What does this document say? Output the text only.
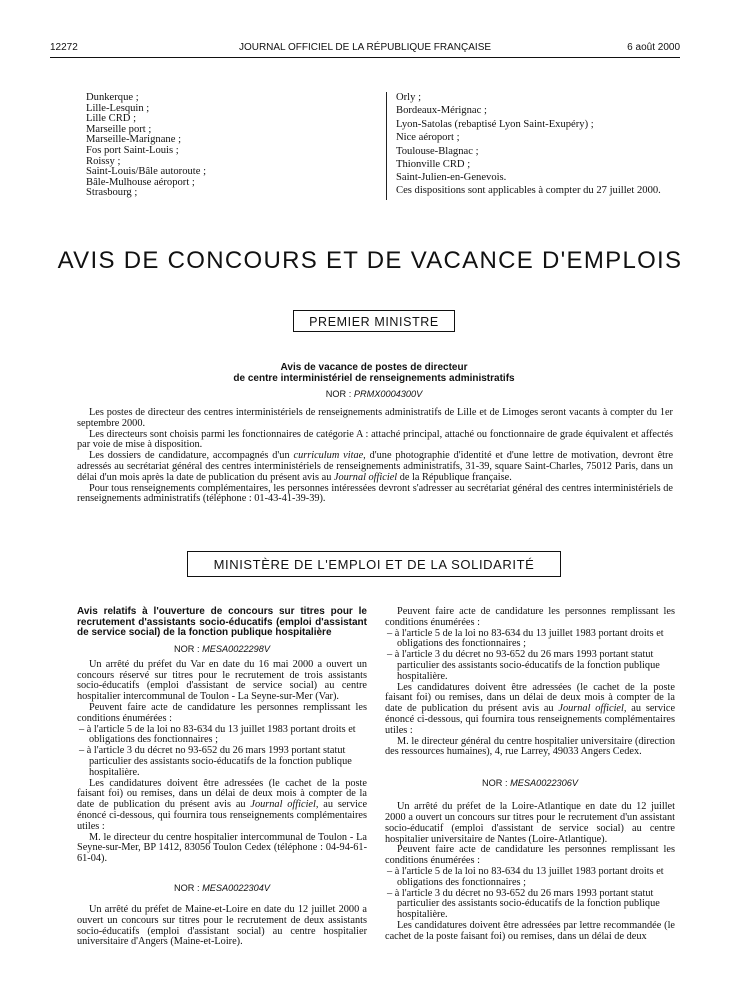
12272	JOURNAL OFFICIEL DE LA RÉPUBLIQUE FRANÇAISE	6 août 2000
Dunkerque ;
Lille-Lesquin ;
Lille CRD ;
Marseille port ;
Marseille-Marignane ;
Fos port Saint-Louis ;
Roissy ;
Saint-Louis/Bâle autoroute ;
Bâle-Mulhouse aéroport ;
Strasbourg ;
Orly ;
Bordeaux-Mérignac ;
Lyon-Satolas (rebaptisé Lyon Saint-Exupéry) ;
Nice aéroport ;
Toulouse-Blagnac ;
Thionville CRD ;
Saint-Julien-en-Genevois.
Ces dispositions sont applicables à compter du 27 juillet 2000.
AVIS DE CONCOURS ET DE VACANCE D'EMPLOIS
PREMIER MINISTRE
Avis de vacance de postes de directeur
de centre interministériel de renseignements administratifs
NOR : PRMX0004300V

Les postes de directeur des centres interministériels de renseignements administratifs de Lille et de Limoges seront vacants à compter du 1er septembre 2000.

Les directeurs sont choisis parmi les fonctionnaires de catégorie A : attaché principal, attaché ou fonctionnaire de grade équivalent et affectés par voie de mise à disposition.

Les dossiers de candidature, accompagnés d'un curriculum vitae, d'une photographie d'identité et d'une lettre de motivation, devront être adressés au secrétariat général des centres interministériels de renseignements administratifs, 31-39, square Saint-Charles, 75012 Paris, dans un délai d'un mois après la date de publication du présent avis au Journal officiel de la République française.

Pour tous renseignements complémentaires, les personnes intéressées devront s'adresser au secrétariat général des centres interministériels de renseignements administratifs (téléphone : 01-43-41-39-39).

MINISTÈRE DE L'EMPLOI ET DE LA SOLIDARITÉ
Avis relatifs à l'ouverture de concours sur titres pour le recrutement d'assistants socio-éducatifs (emploi d'assistant de service social) de la fonction publique hospitalière
NOR : MESA0022298V

Un arrêté du préfet du Var en date du 16 mai 2000 a ouvert un concours réservé sur titres pour le recrutement de trois assistants socio-éducatifs (emploi d'assistant de service social) au centre hospitalier intercommunal de Toulon - La Seyne-sur-Mer (Var).

Peuvent faire acte de candidature les personnes remplissant les conditions énumérées :

– à l'article 5 de la loi no 83-634 du 13 juillet 1983 portant droits et obligations des fonctionnaires ;

– à l'article 3 du décret no 93-652 du 26 mars 1993 portant statut particulier des assistants socio-éducatifs de la fonction publique hospitalière.

Les candidatures doivent être adressées (le cachet de la poste faisant foi) ou remises, dans un délai de deux mois à compter de la date de publication du présent avis au Journal officiel, au service énoncé ci-dessous, qui fournira tous renseignements complémentaires utiles :

M. le directeur du centre hospitalier intercommunal de Toulon - La Seyne-sur-Mer, BP 1412, 83056 Toulon Cedex (téléphone : 04-94-61-61-04).

NOR : MESA0022304V

Un arrêté du préfet de Maine-et-Loire en date du 12 juillet 2000 a ouvert un concours sur titres pour le recrutement de deux assistants socio-éducatifs (emploi d'assistant social) au centre hospitalier universitaire d'Angers (Maine-et-Loire).

Peuvent faire acte de candidature les personnes remplissant les conditions énumérées :

– à l'article 5 de la loi no 83-634 du 13 juillet 1983 portant droits et obligations des fonctionnaires ;

– à l'article 3 du décret no 93-652 du 26 mars 1993 portant statut particulier des assistants socio-éducatifs de la fonction publique hospitalière.

Les candidatures doivent être adressées (le cachet de la poste faisant foi) ou remises, dans un délai de deux mois à compter de la date de publication du présent avis au Journal officiel, au service énoncé ci-dessous, qui fournira tous renseignements complémentaires utiles :

M. le directeur général du centre hospitalier universitaire (direction des ressources humaines), 4, rue Larrey, 49033 Angers Cedex.

NOR : MESA0022306V

Un arrêté du préfet de la Loire-Atlantique en date du 12 juillet 2000 a ouvert un concours sur titres pour le recrutement d'un assistant socio-éducatif (emploi d'assistant de service social) au centre hospitalier universitaire de Nantes (Loire-Atlantique).

Peuvent faire acte de candidature les personnes remplissant les conditions énumérées :

– à l'article 5 de la loi no 83-634 du 13 juillet 1983 portant droits et obligations des fonctionnaires ;

– à l'article 3 du décret no 93-652 du 26 mars 1993 portant statut particulier des assistants socio-éducatifs de la fonction publique hospitalière.

Les candidatures doivent être adressées par lettre recommandée (le cachet de la poste faisant foi) ou remises, dans un délai de deux
